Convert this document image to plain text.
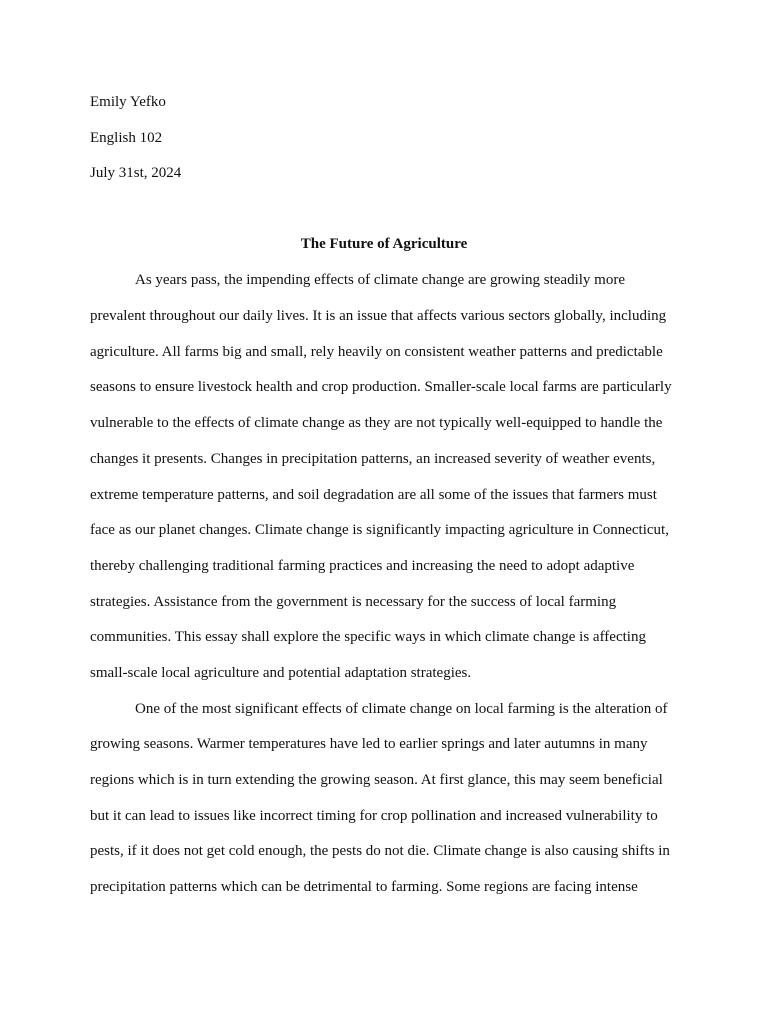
Emily Yefko
English 102
July 31st, 2024
The Future of Agriculture
As years pass, the impending effects of climate change are growing steadily more
prevalent throughout our daily lives. It is an issue that affects various sectors globally, including
agriculture. All farms big and small, rely heavily on consistent weather patterns and predictable
seasons to ensure livestock health and crop production. Smaller-scale local farms are particularly
vulnerable to the effects of climate change as they are not typically well-equipped to handle the
changes it presents. Changes in precipitation patterns, an increased severity of weather events,
extreme temperature patterns, and soil degradation are all some of the issues that farmers must
face as our planet changes. Climate change is significantly impacting agriculture in Connecticut,
thereby challenging traditional farming practices and increasing the need to adopt adaptive
strategies. Assistance from the government is necessary for the success of local farming
communities. This essay shall explore the specific ways in which climate change is affecting
small-scale local agriculture and potential adaptation strategies.
One of the most significant effects of climate change on local farming is the alteration of
growing seasons. Warmer temperatures have led to earlier springs and later autumns in many
regions which is in turn extending the growing season. At first glance, this may seem beneficial
but it can lead to issues like incorrect timing for crop pollination and increased vulnerability to
pests, if it does not get cold enough, the pests do not die. Climate change is also causing shifts in
precipitation patterns which can be detrimental to farming. Some regions are facing intense
